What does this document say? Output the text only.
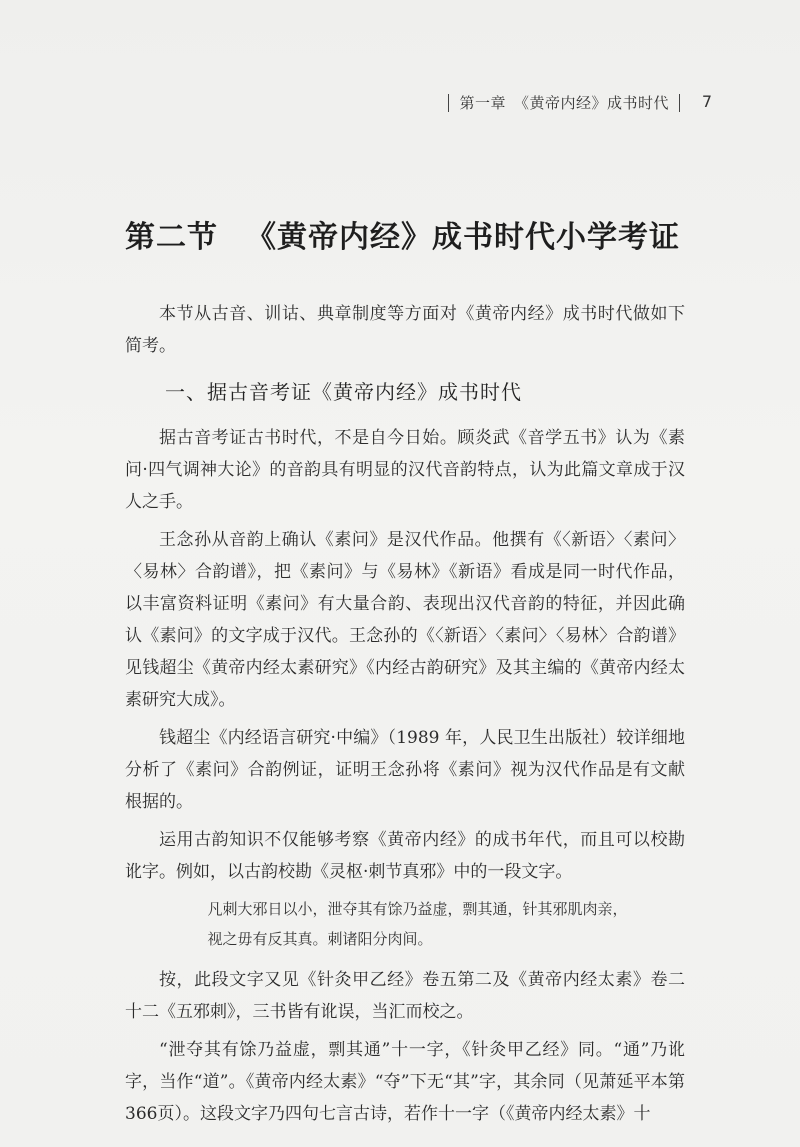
第一章　《黄帝内经》成书时代 7
第二节 《黄帝内经》成书时代小学考证

本节从古音、训诂、典章制度等方面对《黄帝内经》成书时代做如下简考。

一、据古音考证《黄帝内经》成书时代

据古音考证古书时代，不是自今日始。顾炎武《音学五书》认为《素问·四气调神大论》的音韵具有明显的汉代音韵特点，认为此篇文章成于汉人之手。

王念孙从音韵上确认《素问》是汉代作品。他撰有《〈新语〉〈素问〉〈易林〉合韵谱》，把《素问》与《易林》《新语》看成是同一时代作品，以丰富资料证明《素问》有大量合韵、表现出汉代音韵的特征，并因此确认《素问》的文字成于汉代。王念孙的《〈新语〉〈素问〉〈易林〉合韵谱》见钱超尘《黄帝内经太素研究》《内经古韵研究》及其主编的《黄帝内经太素研究大成》。

钱超尘《内经语言研究·中编》（1989 年，人民卫生出版社）较详细地分析了《素问》合韵例证，证明王念孙将《素问》视为汉代作品是有文献根据的。

运用古韵知识不仅能够考察《黄帝内经》的成书年代，而且可以校勘讹字。例如，以古韵校勘《灵枢·刺节真邪》中的一段文字。

凡刺大邪日以小，泄夺其有馀乃益虚，剽其通，针其邪肌肉亲，
视之毋有反其真。刺诸阳分肉间。

按，此段文字又见《针灸甲乙经》卷五第二及《黄帝内经太素》卷二十二《五邪刺》，三书皆有讹误，当汇而校之。

“泄夺其有馀乃益虚，剽其通”十一字，《针灸甲乙经》同。“通”乃讹字，当作“道”。《黄帝内经太素》“夺”下无“其”字，其余同（见萧延平本第366页）。这段文字乃四句七言古诗，若作十一字（《黄帝内经太素》十
